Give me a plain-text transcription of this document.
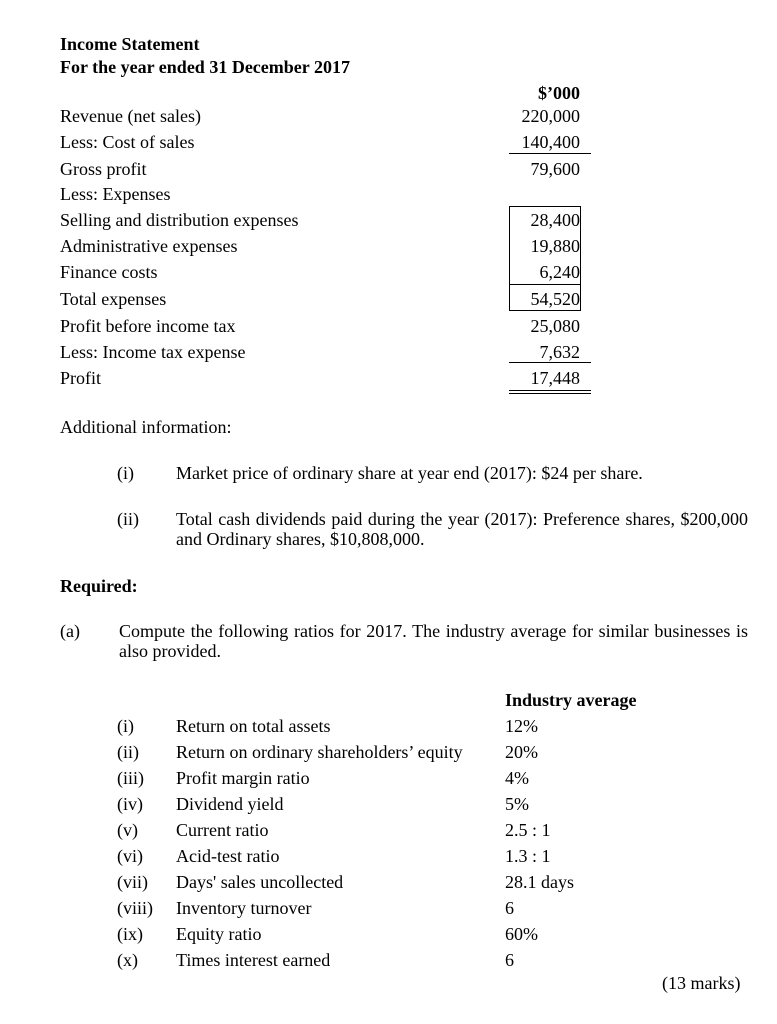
Income Statement
For the year ended 31 December 2017
$’000
Revenue (net sales)	220,000
Less: Cost of sales	140,400
Gross profit	79,600
Less: Expenses
Selling and distribution expenses	28,400
Administrative expenses	19,880
Finance costs	6,240
Total expenses	54,520
Profit before income tax	25,080
Less: Income tax expense	7,632
Profit	17,448
Additional information:
(i) Market price of ordinary share at year end (2017): $24 per share.
(ii) Total cash dividends paid during the year (2017): Preference shares, $200,000 and Ordinary shares, $10,808,000.
Required:
(a) Compute the following ratios for 2017. The industry average for similar businesses is also provided.
Industry average
(i) Return on total assets	12%
(ii) Return on ordinary shareholders’ equity 20%
(iii) Profit margin ratio	4%
(iv) Dividend yield	5%
(v) Current ratio	2.5 : 1
(vi) Acid-test ratio	1.3 : 1
(vii) Days' sales uncollected	28.1 days
(viii) Inventory turnover	6
(ix) Equity ratio	60%
(x) Times interest earned	6
(13 marks)
